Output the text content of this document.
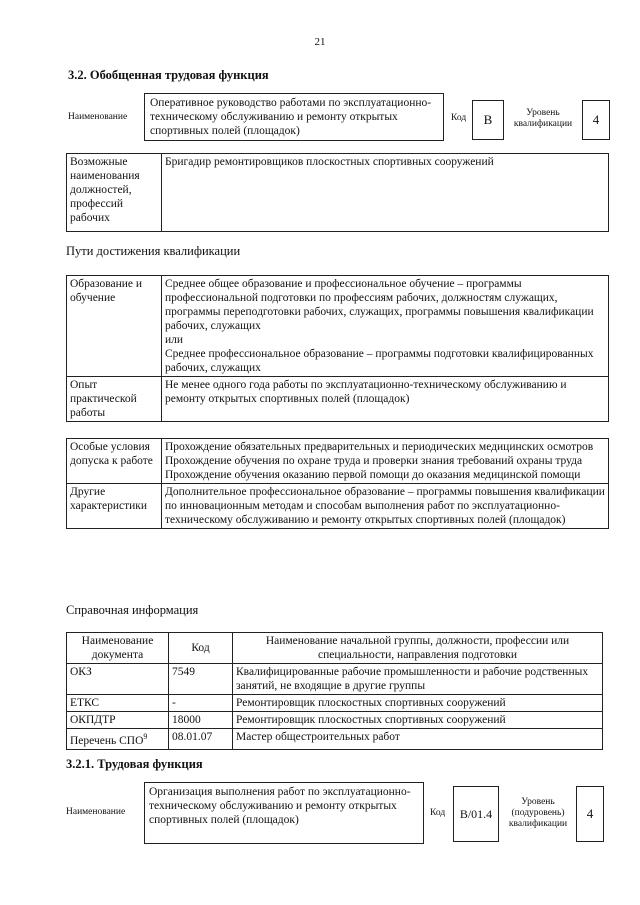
21
3.2. Обобщенная трудовая функция
Наименование
Оперативное руководство работами по эксплуатационно-техническому обслуживанию и ремонту открытых спортивных полей (площадок)
Код	B	Уровень квалификации	4
Возможные наименования должностей, профессий рабочих	Бригадир ремонтировщиков плоскостных спортивных сооружений
Пути достижения квалификации
Образование и обучение	Среднее общее образование и профессиональное обучение – программы профессиональной подготовки по профессиям рабочих, должностям служащих, программы переподготовки рабочих, служащих, программы повышения квалификации рабочих, служащих
или
Среднее профессиональное образование – программы подготовки квалифицированных рабочих, служащих

Опыт практической работы	Не менее одного года работы по эксплуатационно-техническому обслуживанию и ремонту открытых спортивных полей (площадок)
Особые условия допуска к работе	Прохождение обязательных предварительных и периодических медицинских осмотров
Прохождение обучения по охране труда и проверки знания требований охраны труда
Прохождение обучения оказанию первой помощи до оказания медицинской помощи

Другие характеристики	Дополнительное профессиональное образование – программы повышения квалификации по инновационным методам и способам выполнения работ по эксплуатационно-техническому обслуживанию и ремонту открытых спортивных полей (площадок)
Справочная информация
Наименование документа	Код	Наименование начальной группы, должности, профессии или специальности, направления подготовки
ОКЗ	7549	Квалифицированные рабочие промышленности и рабочие родственных занятий, не входящие в другие группы
ЕТКС	-	Ремонтировщик плоскостных спортивных сооружений
ОКПДТР	18000	Ремонтировщик плоскостных спортивных сооружений
Перечень СПО$^9$	08.01.07	Мастер общестроительных работ
3.2.1. Трудовая функция
Наименование
Организация выполнения работ по эксплуатационно-техническому обслуживанию и ремонту открытых спортивных полей (площадок)
Код	B/01.4
Уровень (подуровень) квалификации
4
